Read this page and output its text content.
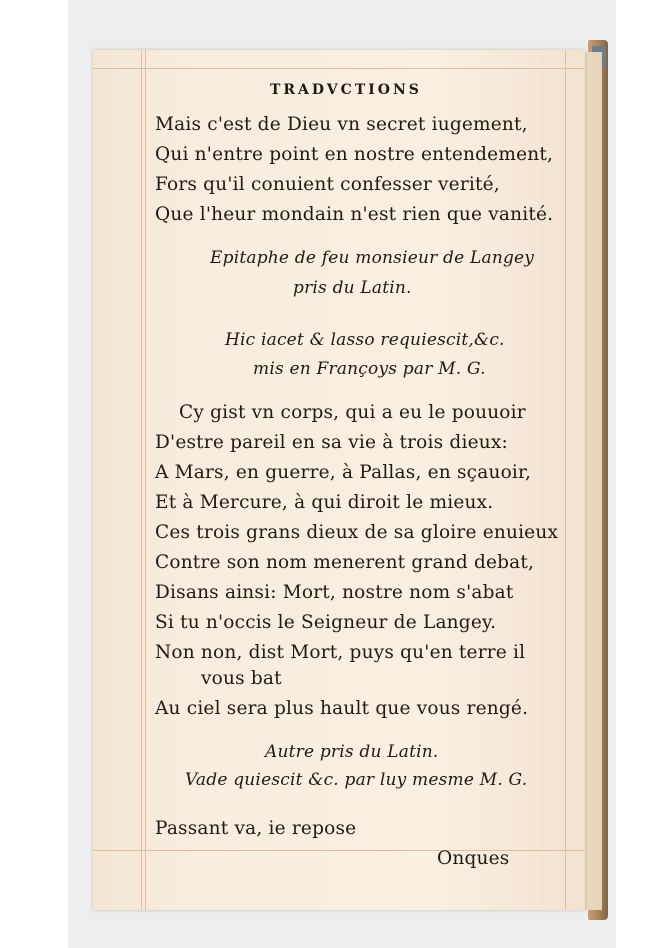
TRADVCTIONS
Mais c'est de Dieu vn secret iugement,
Qui n'entre point en nostre entendement,
Fors qu'il conuient confesser verité,
Que l'heur mondain n'est rien que vanité.
Epitaphe de feu monsieur de Langey
pris du Latin.
Hic iacet & lasso requiescit,&c.
mis en Françoys par M. G.
Cy gist vn corps, qui a eu le pouuoir
D'estre pareil en sa vie à trois dieux:
A Mars, en guerre, à Pallas, en sçauoir,
Et à Mercure, à qui diroit le mieux.
Ces trois grans dieux de sa gloire enuieux
Contre son nom menerent grand debat,
Disans ainsi: Mort, nostre nom s'abat
Si tu n'occis le Seigneur de Langey.
Non non, dist Mort, puys qu'en terre il
vous bat
Au ciel sera plus hault que vous rengé.
Autre pris du Latin.
Vade quiescit &c. par luy mesme M. G.
Passant va, ie repose
Onques
